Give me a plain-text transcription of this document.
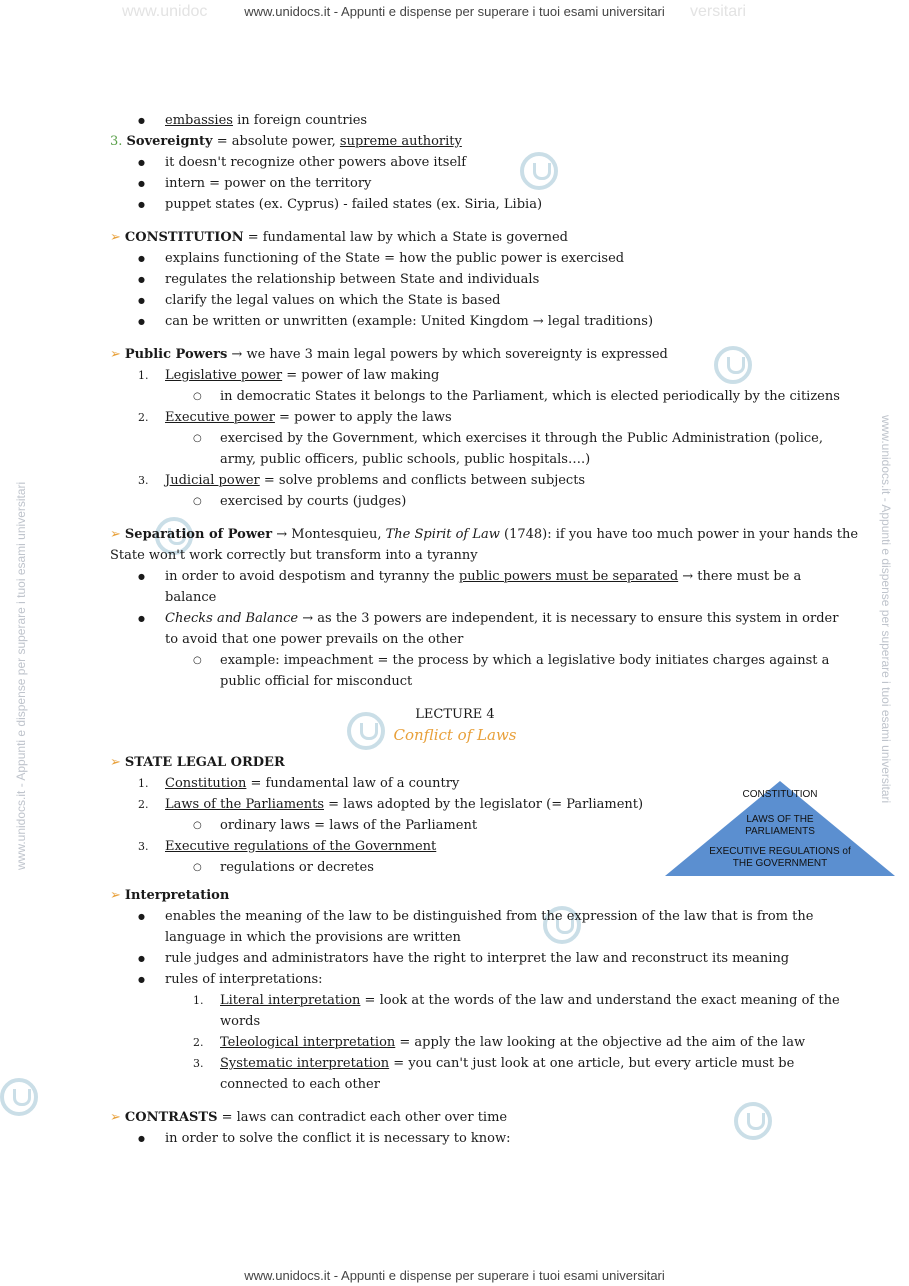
www.unidoc	versitari
www.unidocs.it - Appunti e dispense per superare i tuoi esami universitari
www.unidocs.it - Appunti e dispense per superare i tuoi esami universitari
www.unidocs.it - Appunti e dispense per superare i tuoi esami universitari	www.unidocs.it - Appunti e dispense per superare i tuoi esami universitari
● embassies in foreign countries
3. Sovereignty = absolute power, supreme authority
● it doesn't recognize other powers above itself
● intern = power on the territory
● puppet states (ex. Cyprus) - failed states (ex. Siria, Libia)
➢ CONSTITUTION = fundamental law by which a State is governed
● explains functioning of the State = how the public power is exercised
● regulates the relationship between State and individuals
● clarify the legal values on which the State is based
● can be written or unwritten (example: United Kingdom → legal traditions)
➢ Public Powers → we have 3 main legal powers by which sovereignty is expressed
1. Legislative power = power of law making
○ in democratic States it belongs to the Parliament, which is elected periodically by the citizens
2. Executive power = power to apply the laws
○ exercised by the Government, which exercises it through the Public Administration (police,
army, public officers, public schools, public hospitals….)
3. Judicial power = solve problems and conflicts between subjects
○ exercised by courts (judges)
➢ Separation of Power → Montesquieu, The Spirit of Law (1748): if you have too much power in your hands the
State won't work correctly but transform into a tyranny
● in order to avoid despotism and tyranny the public powers must be separated → there must be a
balance
● Checks and Balance → as the 3 powers are independent, it is necessary to ensure this system in order
to avoid that one power prevails on the other
○ example: impeachment = the process by which a legislative body initiates charges against a
public official for misconduct
LECTURE 4
Conflict of Laws
➢ STATE LEGAL ORDER
1. Constitution = fundamental law of a country
2. Laws of the Parliaments = laws adopted by the legislator (= Parliament)
○ ordinary laws = laws of the Parliament
3. Executive regulations of the Government
○ regulations or decretes
➢ Interpretation
● enables the meaning of the law to be distinguished from the expression of the law that is from the
language in which the provisions are written
● rule judges and administrators have the right to interpret the law and reconstruct its meaning
● rules of interpretations:
1. Literal interpretation = look at the words of the law and understand the exact meaning of the
words
2. Teleological interpretation = apply the law looking at the objective ad the aim of the law
3. Systematic interpretation = you can't just look at one article, but every article must be
connected to each other
➢ CONTRASTS = laws can contradict each other over time
● in order to solve the conflict it is necessary to know:
CONSTITUTION
LAWS OF THE
PARLIAMENTS
EXECUTIVE REGULATIONS of
THE GOVERNMENT
